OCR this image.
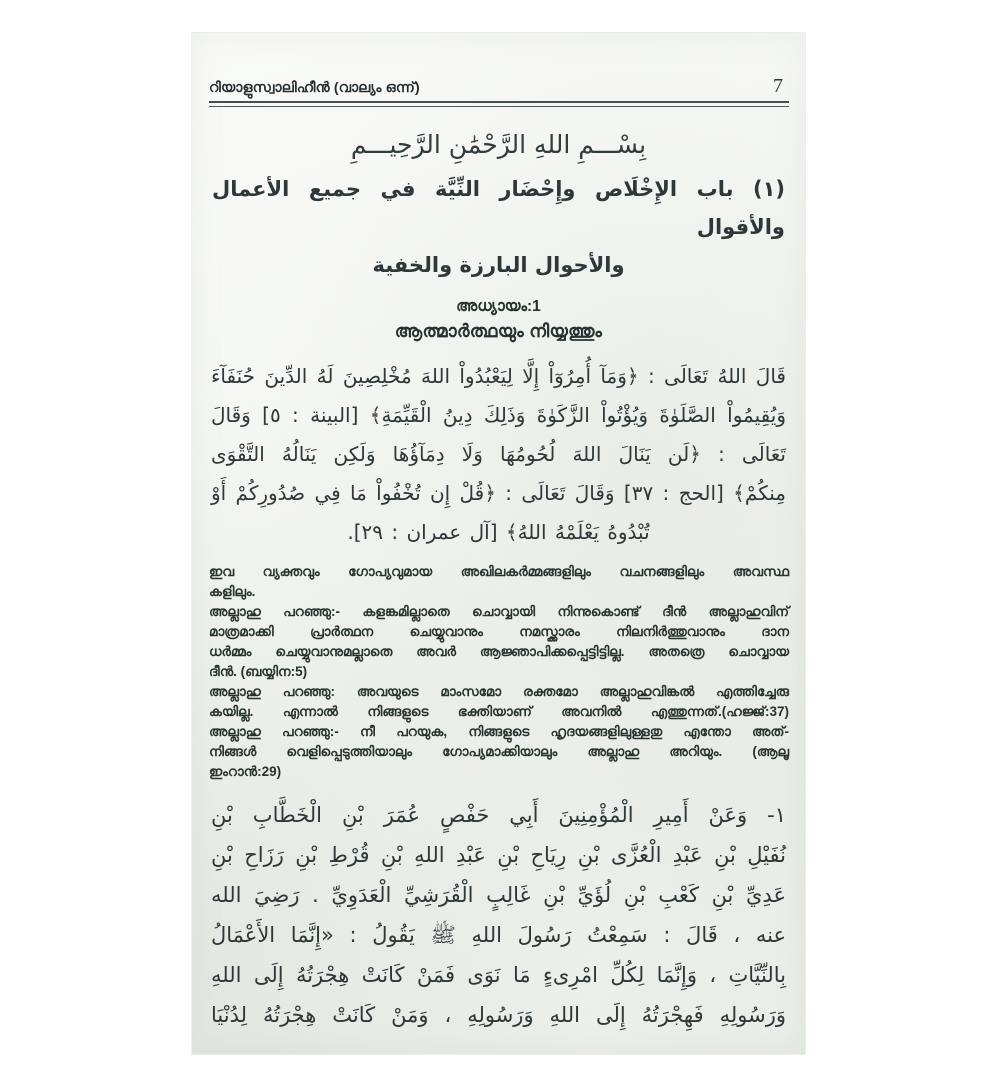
റിയാളുസ്വാലിഹീൻ (വാല്യം ഒന്ന്)	7
بِسْـــمِ اللهِ الرَّحْمَٰنِ الرَّحِيـــمِ
(١) باب الإِخْلَاص وإِحْضَار النِّيَّة في جميع الأعمال والأقوال
والأحوال البارزة والخفية
അധ്യായം:1
ആത്മാർത്ഥയും നിയ്യത്തും
قَالَ اللهُ تَعَالَى : ﴿وَمَآ أُمِرُوٓاْ إِلَّا لِيَعْبُدُواْ اللهَ مُخْلِصِينَ لَهُ الدِّينَ حُنَفَآءَ
وَيُقِيمُواْ الصَّلَوٰةَ وَيُؤْتُواْ الزَّكَوٰةَ وَذَلِكَ دِينُ الْقَيِّمَةِ﴾ [البينة : ٥] وَقَالَ
تَعَالَى : ﴿لَن يَنَالَ اللهَ لُحُومُهَا وَلَا دِمَآؤُهَا وَلَكِن يَنَالُهُ التَّقْوَى
مِنكُمْ﴾ [الحج : ٣٧] وَقَالَ تَعَالَى : ﴿قُلْ إِن تُخْفُواْ مَا فِي صُدُورِكُمْ أَوْ
تُبْدُوهُ يَعْلَمْهُ اللهُ﴾ [آل عمران : ٢٩].
ഇവ വ്യക്തവും ഗോപ്യവുമായ അഖിലകർമ്മങ്ങളിലും വചനങ്ങളിലും അവസ്ഥ
കളിലും.
അല്ലാഹു പറഞ്ഞു:- കളങ്കമില്ലാതെ ചൊവ്വായി നിന്നുകൊണ്ട് ദീൻ അല്ലാഹുവിന്
മാത്രമാക്കി പ്രാർത്ഥന ചെയ്യുവാനും നമസ്ക്കാരം നിലനിർത്തുവാനും ദാന
ധർമ്മം ചെയ്യുവാനുമല്ലാതെ അവർ ആജ്ഞാപിക്കപ്പെട്ടിട്ടില്ല. അതത്രെ ചൊവ്വായ
ദീൻ. (ബയ്യിന:5)
അല്ലാഹു പറഞ്ഞു: അവയുടെ മാംസമോ രക്തമോ അല്ലാഹുവിങ്കൽ എത്തിച്ചേരു
കയില്ല. എന്നാൽ നിങ്ങളുടെ ഭക്തിയാണ് അവനിൽ എത്തുന്നത്.(ഹജ്ജ്:37)
അല്ലാഹു പറഞ്ഞു:- നീ പറയുക, നിങ്ങളുടെ ഹൃദയങ്ങളിലുള്ളതു എന്തോ അത്-
നിങ്ങൾ വെളിപ്പെടുത്തിയാലും ഗോപ്യമാക്കിയാലും അല്ലാഹു അറിയും. (ആലൂ
ഇംറാൻ:29)
١- وَعَنْ أَمِيرِ الْمُؤْمِنِينَ أَبِي حَفْصٍ عُمَرَ بْنِ الْخَطَّابِ بْنِ
نُفَيْلِ بْنِ عَبْدِ الْعُزَّى بْنِ رِيَاحِ بْنِ عَبْدِ اللهِ بْنِ قُرْطِ بْنِ رَزَاحِ بْنِ
عَدِيِّ بْنِ كَعْبِ بْنِ لُؤَيِّ بْنِ غَالِبٍ الْقُرَشِيِّ الْعَدَوِيِّ . رَضِيَ الله
عنه ، قَالَ : سَمِعْتُ رَسُولَ اللهِ ﷺ يَقُولُ : «إِنَّمَا الأَعْمَالُ
بِالنِّيَّاتِ ، وَإِنَّمَا لِكُلِّ امْرِىءٍ مَا نَوَى فَمَنْ كَانَتْ هِجْرَتُهُ إِلَى اللهِ
وَرَسُولِهِ فَهِجْرَتُهُ إِلَى اللهِ وَرَسُولِهِ ، وَمَنْ كَانَتْ هِجْرَتُهُ لِدُنْيَا
